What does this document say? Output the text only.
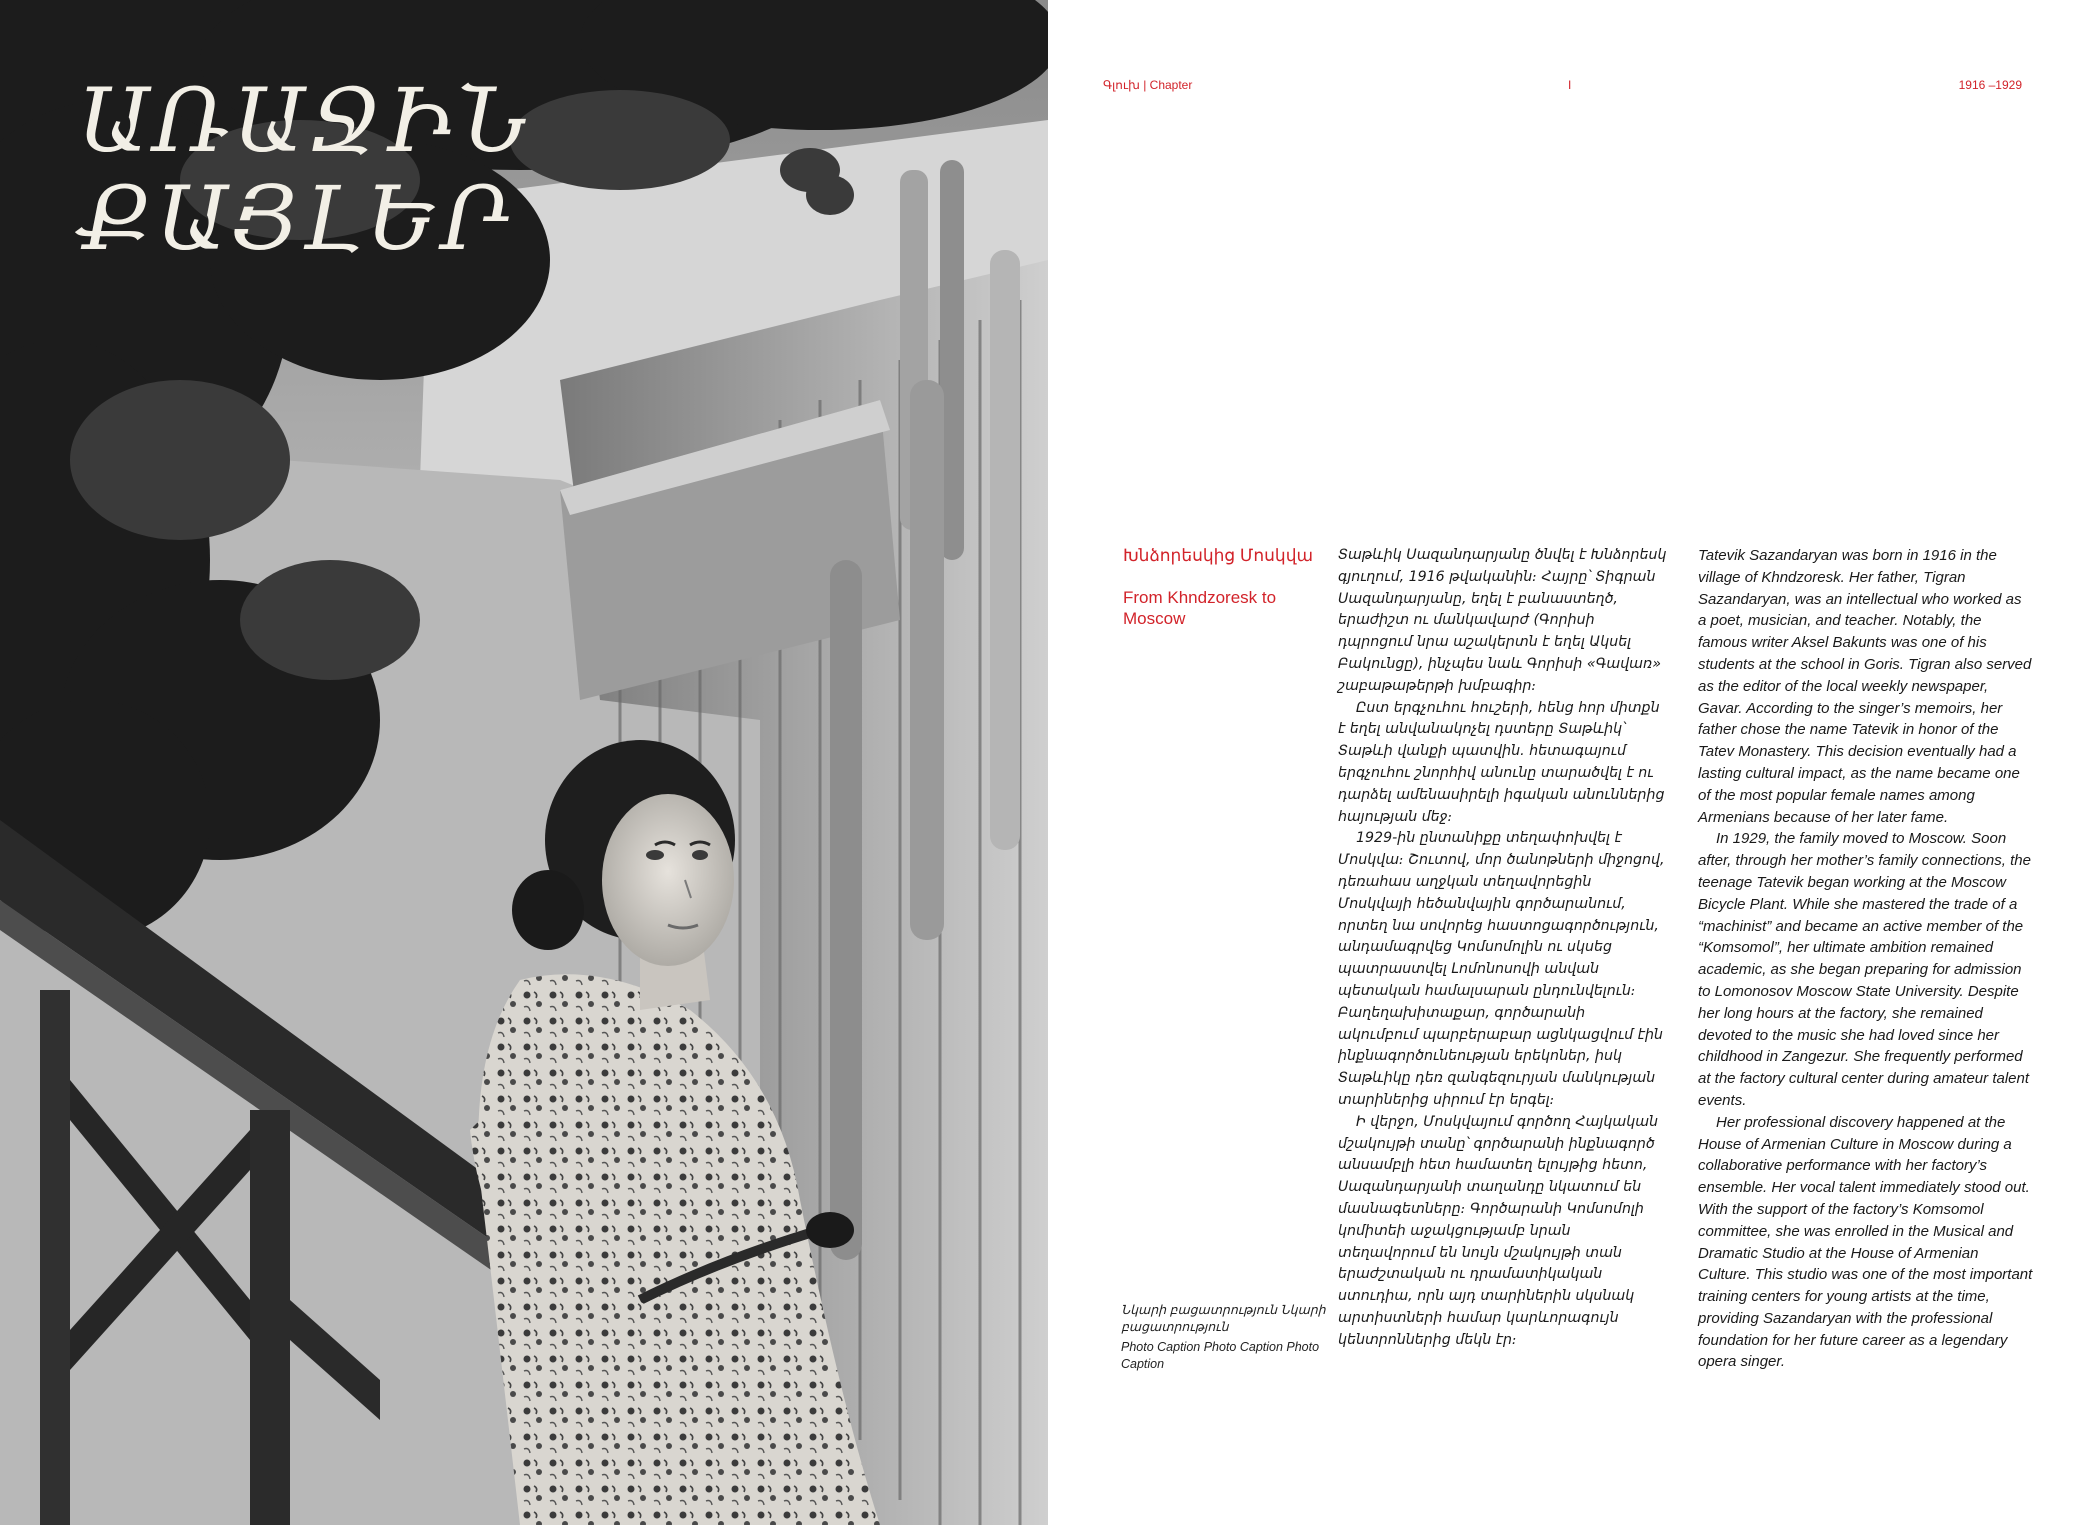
ԱՌԱՋԻՆ
ՔԱՅԼԵՐ
Գլուխ | Chapter	I	1916 –1929
Խնձորեսկից Մոսկվա
From Khndzoresk to Moscow
Նկարի բացատրություն Նկարի բացատրություն
Photo Caption Photo Caption Photo Caption

Տաթևիկ Սազանդարյանը ծնվել է Խնձորեսկ գյուղում, 1916 թվականին։ Հայրը՝ Տիգրան Սազանդարյանը, եղել է բանաստեղծ, երաժիշտ ու մանկավարժ (Գորիսի դպրոցում նրա աշակերտն է եղել Ակսել Բակունցը), ինչպես նաև Գորիսի «Գավառ» շաբաթաթերթի խմբագիր։

Ըստ երգչուհու հուշերի, հենց հոր միտքն է եղել անվանակոչել դստերը Տաթևիկ՝ Տաթևի վանքի պատվին. հետագայում երգչուհու շնորհիվ անունը տարածվել է ու դարձել ամենասիրելի իգական անուններից հայության մեջ։

1929-ին ընտանիքը տեղափոխվել է Մոսկվա։ Շուտով, մոր ծանոթների միջոցով, դեռահաս աղջկան տեղավորեցին Մոսկվայի հեծանվային գործարանում, որտեղ նա սովորեց հաստոցագործություն, անդամագրվեց Կոմսոմոլին ու սկսեց պատրաստվել Լոմոնոսովի անվան պետական համալսարան ընդունվելուն։ Բաղեղախիտաքար, գործարանի ակումբում պարբերաբար ացնկացվում էին ինքնագործունեության երեկոներ, իսկ Տաթևիկը դեռ զանգեզուրյան մանկության տարիներից սիրում էր երգել։

Ի վերջո, Մոսկվայում գործող Հայկական մշակույթի տանը՝ գործարանի ինքնագործ անսամբլի հետ համատեղ ելույթից հետո, Սազանդարյանի տաղանդը նկատում են մասնագետները։ Գործարանի Կոմսոմոլի կոմիտեի աջակցությամբ նրան տեղավորում են նույն մշակույթի տան երաժշտական ու դրամատիկական ստուդիա, որն այդ տարիներին սկսնակ արտիստների համար կարևորագույն կենտրոններից մեկն էր։

Tatevik Sazandaryan was born in 1916 in the village of Khndzoresk. Her father, Tigran Sazandaryan, was an intellectual who worked as a poet, musician, and teacher. Notably, the famous writer Aksel Bakunts was one of his students at the school in Goris. Tigran also served as the editor of the local weekly newspaper, Gavar. According to the singer’s memoirs, her father chose the name Tatevik in honor of the Tatev Monastery. This decision eventually had a lasting cultural impact, as the name became one of the most popular female names among Armenians because of her later fame.

In 1929, the family moved to Moscow. Soon after, through her mother’s family connections, the teenage Tatevik began working at the Moscow Bicycle Plant. While she mastered the trade of a “machinist” and became an active member of the “Komsomol”, her ultimate ambition remained academic, as she began preparing for admission to Lomonosov Moscow State University. Despite her long hours at the factory, she remained devoted to the music she had loved since her childhood in Zangezur. She frequently performed at the factory cultural center during amateur talent events.

Her professional discovery happened at the House of Armenian Culture in Moscow during a collaborative performance with her factory’s ensemble. Her vocal talent immediately stood out. With the support of the factory’s Komsomol committee, she was enrolled in the Musical and Dramatic Studio at the House of Armenian Culture. This studio was one of the most important training centers for young artists at the time, providing Sazandaryan with the professional foundation for her future career as a legendary opera singer.
